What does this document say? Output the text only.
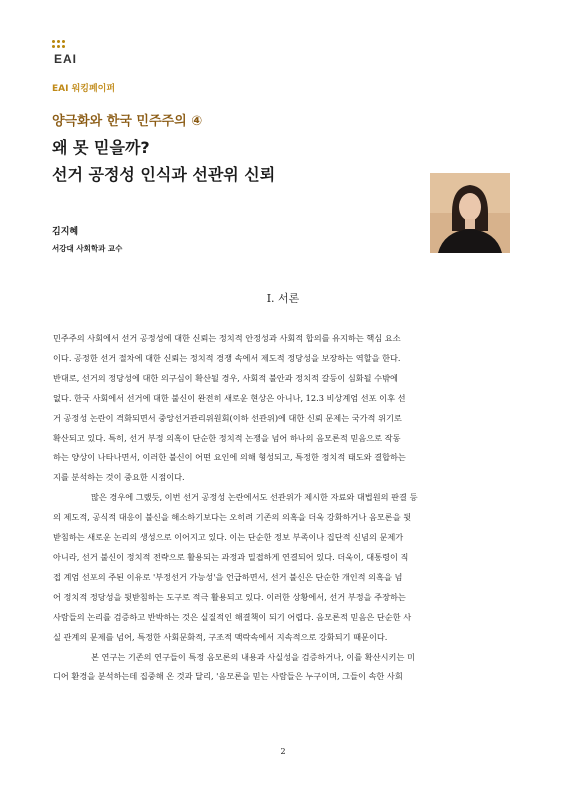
EAI
EAI 워킹페이퍼
양극화와 한국 민주주의 ④
왜 못 믿을까?
선거 공정성 인식과 선관위 신뢰
김지혜
서강대 사회학과 교수
I. 서론

민주주의 사회에서 선거 공정성에 대한 신뢰는 정치적 안정성과 사회적 합의를 유지하는 핵심 요소

이다. 공정한 선거 절차에 대한 신뢰는 정치적 경쟁 속에서 제도적 정당성을 보장하는 역할을 한다.

반대로, 선거의 정당성에 대한 의구심이 확산될 경우, 사회적 불안과 정치적 갈등이 심화될 수밖에

없다. 한국 사회에서 선거에 대한 불신이 완전히 새로운 현상은 아니나, 12.3 비상계엄 선포 이후 선

거 공정성 논란이 격화되면서 중앙선거관리위원회(이하 선관위)에 대한 신뢰 문제는 국가적 위기로

확산되고 있다. 특히, 선거 부정 의혹이 단순한 정치적 논쟁을 넘어 하나의 음모론적 믿음으로 작동

하는 양상이 나타나면서, 이러한 불신이 어떤 요인에 의해 형성되고, 특정한 정치적 태도와 결합하는

지를 분석하는 것이 중요한 시점이다.

많은 경우에 그랬듯, 이번 선거 공정성 논란에서도 선관위가 제시한 자료와 대법원의 판결 등

의 제도적, 공식적 대응이 불신을 해소하기보다는 오히려 기존의 의혹을 더욱 강화하거나 음모론을 뒷

받침하는 새로운 논리의 생성으로 이어지고 있다. 이는 단순한 정보 부족이나 집단적 신념의 문제가

아니라, 선거 불신이 정치적 전략으로 활용되는 과정과 밀접하게 연결되어 있다. 더욱이, 대통령이 직

접 계엄 선포의 주된 이유로 '부정선거 가능성'을 언급하면서, 선거 불신은 단순한 개인적 의혹을 넘

어 정치적 정당성을 뒷받침하는 도구로 적극 활용되고 있다. 이러한 상황에서, 선거 부정을 주장하는

사람들의 논리를 검증하고 반박하는 것은 실질적인 해결책이 되기 어렵다. 음모론적 믿음은 단순한 사

실 관계의 문제를 넘어, 특정한 사회문화적, 구조적 맥락속에서 지속적으로 강화되기 때문이다.

본 연구는 기존의 연구들이 특정 음모론의 내용과 사실성을 검증하거나, 이를 확산시키는 미

디어 환경을 분석하는데 집중해 온 것과 달리, '음모론을 믿는 사람들은 누구이며, 그들이 속한 사회

2
